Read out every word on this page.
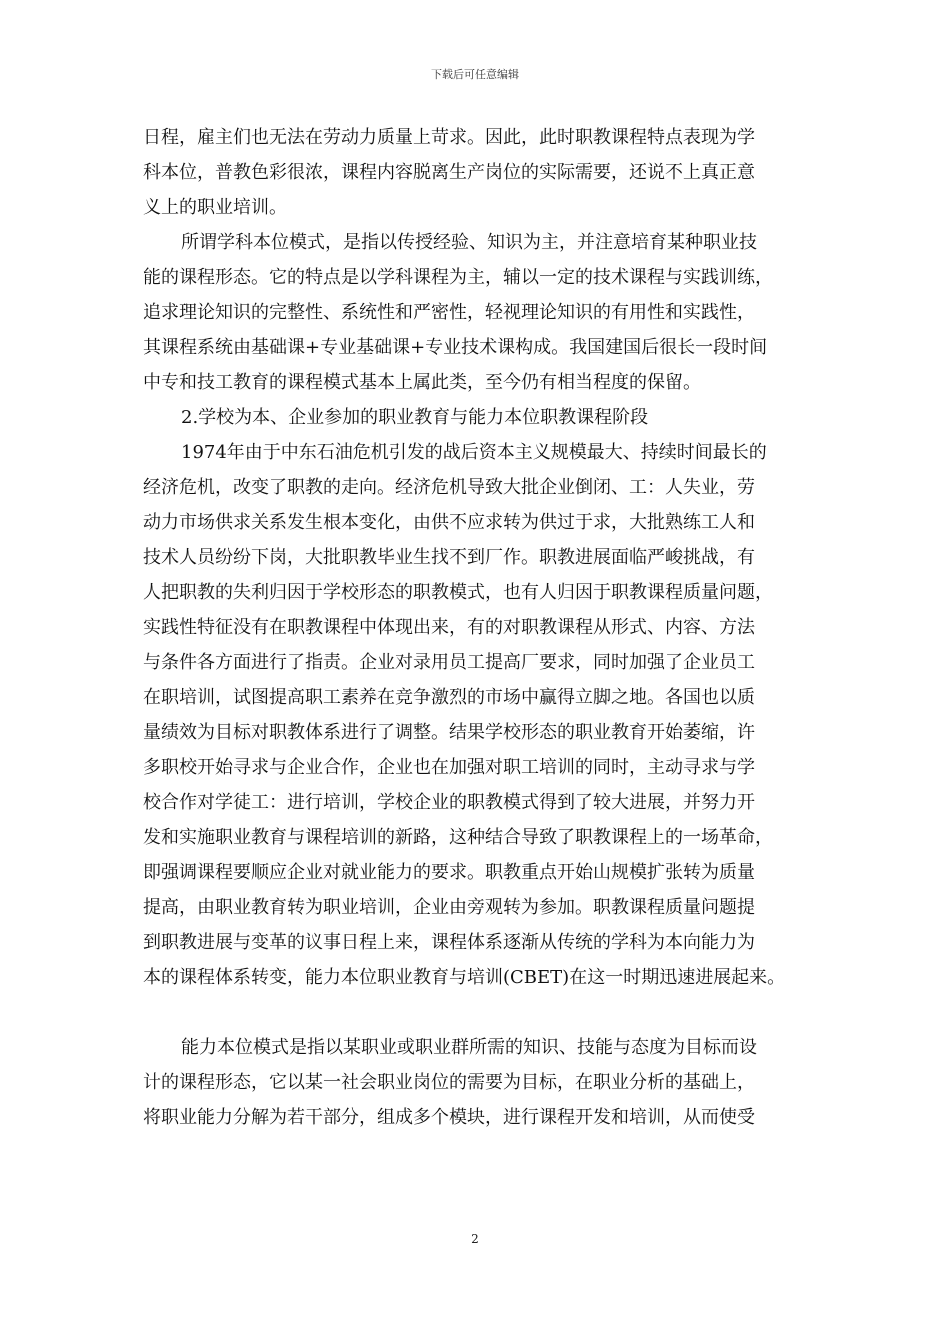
下载后可任意编辑
日程，雇主们也无法在劳动力质量上苛求。因此，此时职教课程特点表现为学
科本位，普教色彩很浓，课程内容脱离生产岗位的实际需要，还说不上真正意
义上的职业培训。
所谓学科本位模式，是指以传授经验、知识为主，并注意培育某种职业技
能的课程形态。它的特点是以学科课程为主，辅以一定的技术课程与实践训练，
追求理论知识的完整性、系统性和严密性，轻视理论知识的有用性和实践性，
其课程系统由基础课+专业基础课+专业技术课构成。我国建国后很长一段时间
中专和技工教育的课程模式基本上属此类，至今仍有相当程度的保留。
2.学校为本、企业参加的职业教育与能力本位职教课程阶段
1974年由于中东石油危机引发的战后资本主义规模最大、持续时间最长的
经济危机，改变了职教的走向。经济危机导致大批企业倒闭、工：人失业，劳
动力市场供求关系发生根本变化，由供不应求转为供过于求，大批熟练工人和
技术人员纷纷下岗，大批职教毕业生找不到厂作。职教进展面临严峻挑战，有
人把职教的失利归因于学校形态的职教模式，也有人归因于职教课程质量问题，
实践性特征没有在职教课程中体现出来，有的对职教课程从形式、内容、方法
与条件各方面进行了指责。企业对录用员工提高厂要求，同时加强了企业员工
在职培训，试图提高职工素养在竞争激烈的市场中赢得立脚之地。各国也以质
量绩效为目标对职教体系进行了调整。结果学校形态的职业教育开始萎缩，许
多职校开始寻求与企业合作，企业也在加强对职工培训的同时，主动寻求与学
校合作对学徒工：进行培训，学校企业的职教模式得到了较大进展，并努力开
发和实施职业教育与课程培训的新路，这种结合导致了职教课程上的一场革命，
即强调课程要顺应企业对就业能力的要求。职教重点开始山规模扩张转为质量
提高，由职业教育转为职业培训，企业由旁观转为参加。职教课程质量问题提
到职教进展与变革的议事日程上来，课程体系逐渐从传统的学科为本向能力为
本的课程体系转变，能力本位职业教育与培训(CBET)在这一时期迅速进展起来。
能力本位模式是指以某职业或职业群所需的知识、技能与态度为目标而设
计的课程形态，它以某一社会职业岗位的需要为目标，在职业分析的基础上，
将职业能力分解为若干部分，组成多个模块，进行课程开发和培训，从而使受
2
